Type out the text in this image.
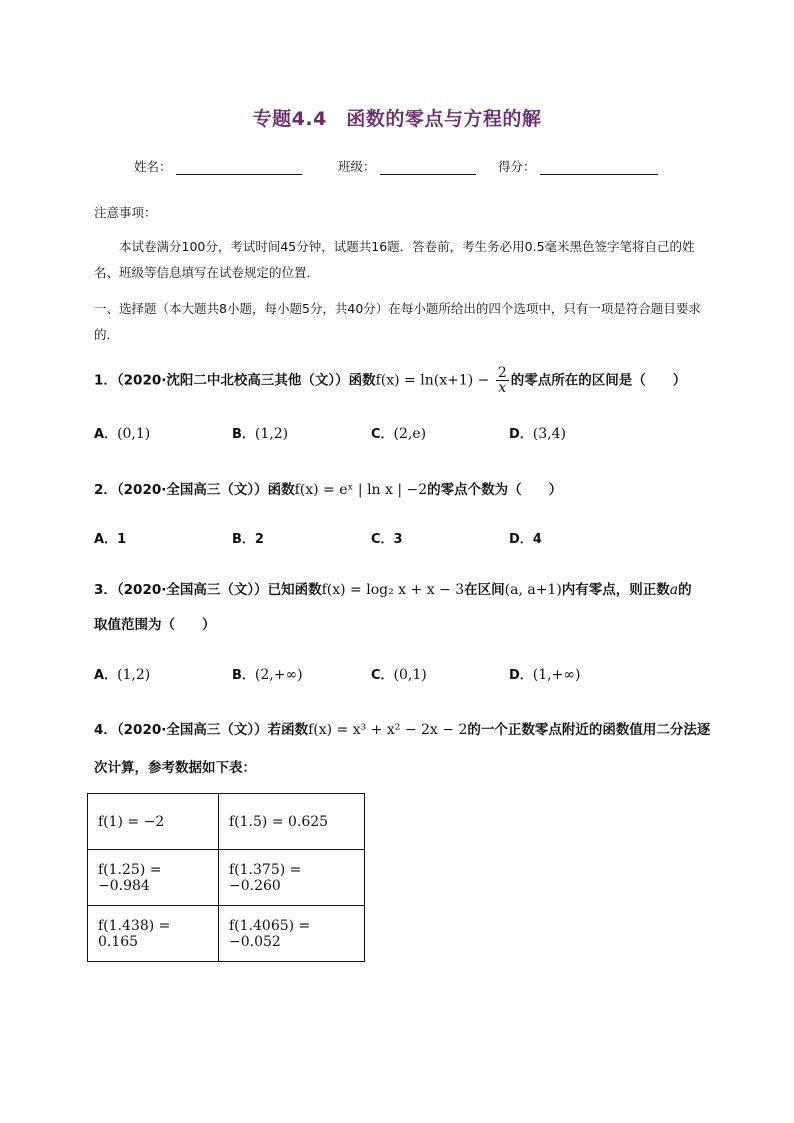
专题4.4　函数的零点与方程的解
姓名：	班级：	得分：
注意事项：
本试卷满分100分，考试时间45分钟，试题共16题．答卷前，考生务必用0.5毫米黑色签字笔将自己的姓名、班级等信息填写在试卷规定的位置．
一、选择题（本大题共8小题，每小题5分，共40分）在每小题所给出的四个选项中，只有一项是符合题目要求的．
1．（2020·沈阳二中北校高三其他（文））函数$f(x) = \ln(x+1) - \frac{2}{x}$ 的零点所在的区间是（　　）
A．(0,1)	B．(1,2)	C．(2,e)	D．(3,4)
2．（2020·全国高三（文））函数f(x) = eˣ | ln x | −2的零点个数为（　　）
A．1	B．2	C．3	D．4
3．（2020·全国高三（文））已知函数f(x) = log₂ x + x − 3在区间(a, a+1)内有零点，则正数a的
取值范围为（　　）
A．(1,2)	B．(2,+∞)	C．(0,1)	D．(1,+∞)
4．（2020·全国高三（文））若函数f(x) = x³ + x² − 2x − 2的一个正数零点附近的函数值用二分法逐
次计算，参考数据如下表：
f(1) = −2	f(1.5) = 0.625
f(1.25) = −0.984	f(1.375) = −0.260
f(1.438) = 0.165	f(1.4065) = −0.052
